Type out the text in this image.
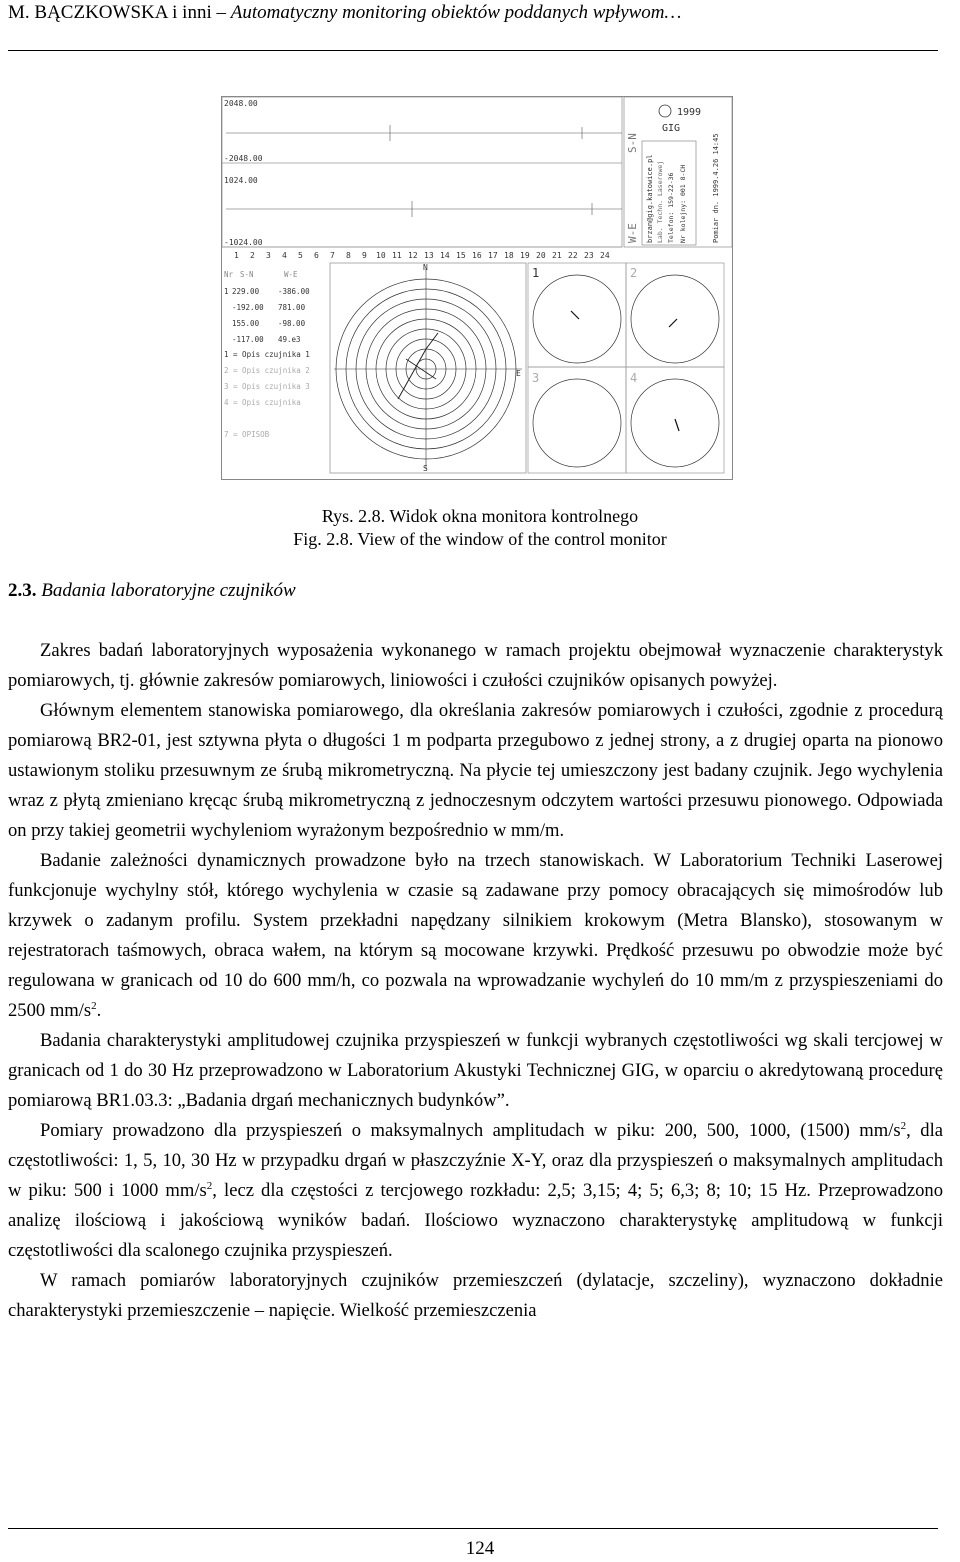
M. BĄCZKOWSKA i inni – Automatyczny monitoring obiektów poddanych wpływom…
2048.00
-2048.00
1024.00
-1024.00
1 2 3 4 5 6 7 8 9 10 11 12 13 14 15 16 17 18 19 20 21 22 23 24
Nr S-N	W-E
1 229.00	-386.00
-192.00 781.00
155.00	-98.00
-117.00 49.e3
1 = Opis czujnika 1
2 = Opis czujnika 2
3 = Opis czujnika 3
4 = Opis czujnika
7 = OPISOB
N
S
E
1	2
3	4
1999
GIG
W-E
S-N
brzan@gig.katowice.pl Lab. Techn. Laserowej Telefon: 159-22-36 Nr kolejny: 001 8-CH	Pomiar dn. 1999.4.26 14:45
Rys. 2.8. Widok okna monitora kontrolnego
Fig. 2.8. View of the window of the control monitor
2.3. Badania laboratoryjne czujników

Zakres badań laboratoryjnych wyposażenia wykonanego w ramach projektu obejmował wyznaczenie charakterystyk pomiarowych, tj. głównie zakresów pomiarowych, liniowości i czułości czujników opisanych powyżej.

Głównym elementem stanowiska pomiarowego, dla określania zakresów pomiarowych i czułości, zgodnie z procedurą pomiarową BR2-01, jest sztywna płyta o długości 1 m podparta przegubowo z jednej strony, a z drugiej oparta na pionowo ustawionym stoliku przesuwnym ze śrubą mikrometryczną. Na płycie tej umieszczony jest badany czujnik. Jego wychylenia wraz z płytą zmieniano kręcąc śrubą mikrometryczną z jednoczesnym odczytem wartości przesuwu pionowego. Odpowiada on przy takiej geometrii wychyleniom wyrażonym bezpośrednio w mm/m.

Badanie zależności dynamicznych prowadzone było na trzech stanowiskach. W Laboratorium Techniki Laserowej funkcjonuje wychylny stół, którego wychylenia w czasie są zadawane przy pomocy obracających się mimośrodów lub krzywek o zadanym profilu. System przekładni napędzany silnikiem krokowym (Metra Blansko), stosowanym w rejestratorach taśmowych, obraca wałem, na którym są mocowane krzywki. Prędkość przesuwu po obwodzie może być regulowana w granicach od 10 do 600 mm/h, co pozwala na wprowadzanie wychyleń do 10 mm/m z przyspieszeniami do 2500 $mm/s^2$.

Badania charakterystyki amplitudowej czujnika przyspieszeń w funkcji wybranych częstotliwości wg skali tercjowej w granicach od 1 do 30 Hz przeprowadzono w Laboratorium Akustyki Technicznej GIG, w oparciu o akredytowaną procedurę pomiarową BR1.03.3: „Badania drgań mechanicznych budynków”.

Pomiary prowadzono dla przyspieszeń o maksymalnych amplitudach w piku: 200, 500, 1000, (1500) $mm/s^2$, dla częstotliwości: 1, 5, 10, 30 Hz w przypadku drgań w płaszczyźnie X-Y, oraz dla przyspieszeń o maksymalnych amplitudach w piku: 500 i 1000 $mm/s^2$, lecz dla częstości z tercjowego rozkładu: 2,5; 3,15; 4; 5; 6,3; 8; 10; 15 Hz. Przeprowadzono analizę ilościową i jakościową wyników badań. Ilościowo wyznaczono charakterystykę amplitudową w funkcji częstotliwości dla scalonego czujnika przyspieszeń.

W ramach pomiarów laboratoryjnych czujników przemieszczeń (dylatacje, szczeliny), wyznaczono dokładnie charakterystyki przemieszczenie – napięcie. Wielkość przemieszczenia

124
